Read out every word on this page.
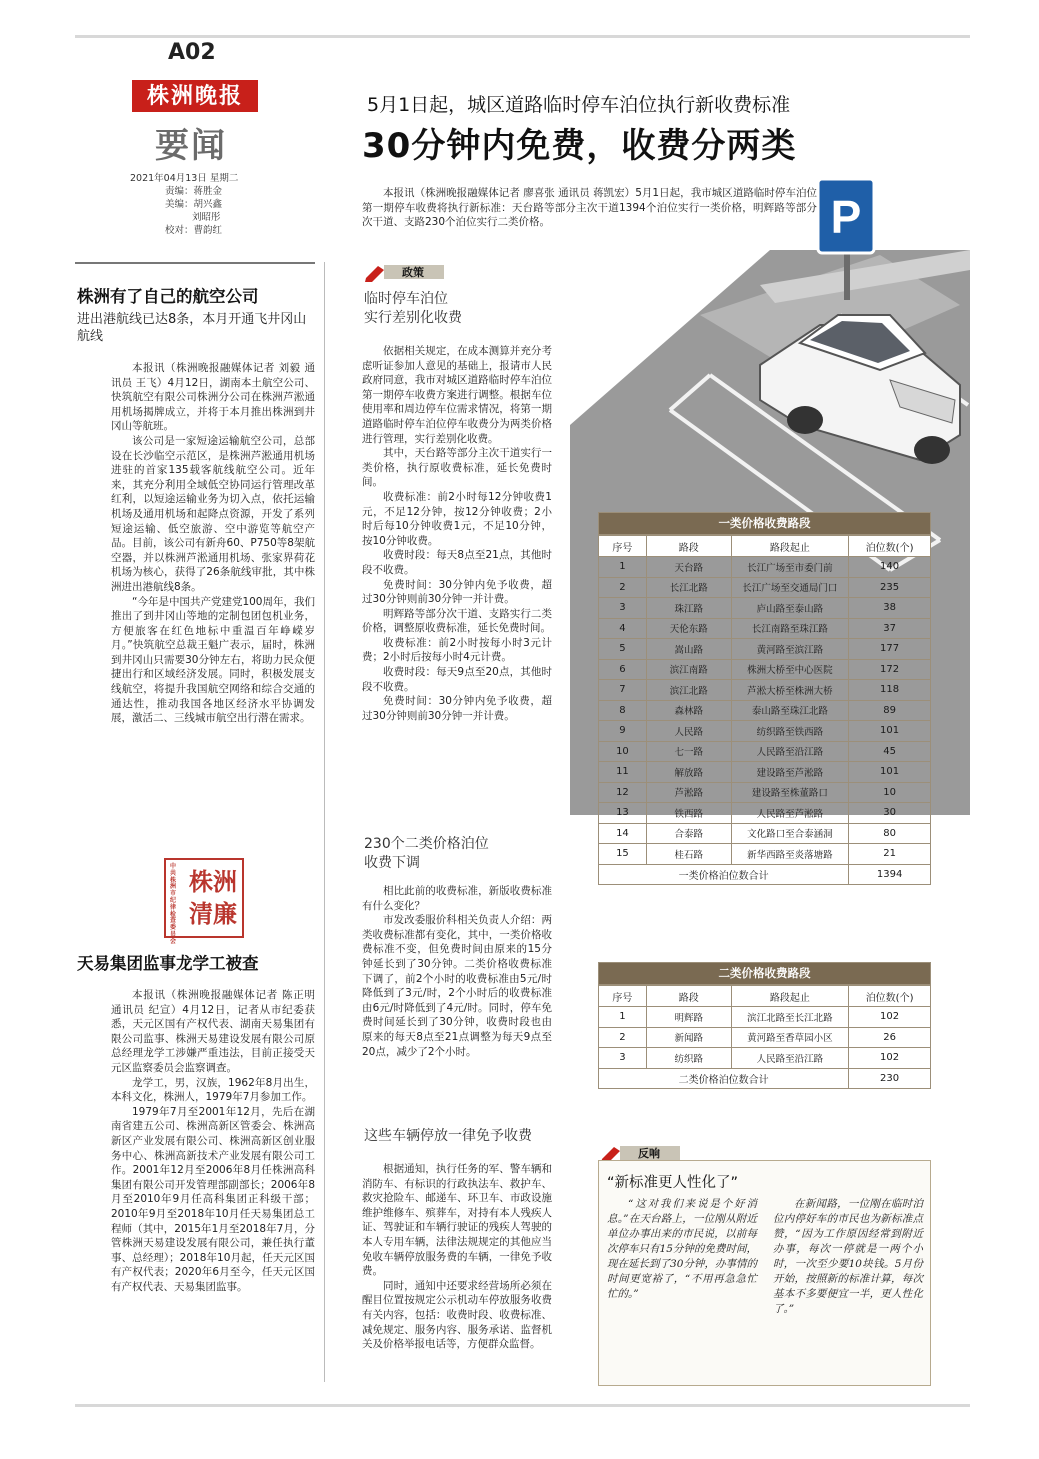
A02
株洲晚报
要闻
2021年04月13日 星期二
责编：蒋胜金
美编：胡兴鑫
刘昭彤
校对：曹韵红
株洲有了自己的航空公司
进出港航线已达8条，本月开通飞井冈山航线

本报讯（株洲晚报融媒体记者 刘毅 通讯员 王飞）4月12日，湖南本土航空公司、快筑航空有限公司株洲分公司在株洲芦淞通用机场揭牌成立，并将于本月推出株洲到井冈山等航班。

该公司是一家短途运输航空公司，总部设在长沙临空示范区，是株洲芦淞通用机场进驻的首家135载客航线航空公司。近年来，其充分利用全域低空协同运行管理改革红利，以短途运输业务为切入点，依托运输机场及通用机场和起降点资源，开发了系列短途运输、低空旅游、空中游览等航空产品。目前，该公司有新舟60、P750等8架航空器，并以株洲芦淞通用机场、张家界荷花机场为核心，获得了26条航线审批，其中株洲进出港航线8条。

“今年是中国共产党建党100周年，我们推出了到井冈山等地的定制包团包机业务，方便旅客在红色地标中重温百年峥嵘岁月。”快筑航空总裁王魁广表示，届时，株洲到井冈山只需要30分钟左右，将助力民众便捷出行和区域经济发展。同时，积极发展支线航空，将提升我国航空网络和综合交通的通达性，推动我国各地区经济水平协调发展，激活二、三线城市航空出行潜在需求。

中共株洲市纪律检查委员会
株洲清廉
天易集团监事龙学工被查

本报讯（株洲晚报融媒体记者 陈正明 通讯员 纪宣）4月12日，记者从市纪委获悉，天元区国有产权代表、湖南天易集团有限公司监事、株洲天易建设发展有限公司原总经理龙学工涉嫌严重违法，目前正接受天元区监察委员会监察调查。

龙学工，男，汉族，1962年8月出生，本科文化，株洲人，1979年7月参加工作。

1979年7月至2001年12月，先后在湖南省建五公司、株洲高新区管委会、株洲高新区产业发展有限公司、株洲高新区创业服务中心、株洲高新技术产业发展有限公司工作。2001年12月至2006年8月任株洲高科集团有限公司开发管理部副部长；2006年8月至2010年9月任高科集团正科级干部；2010年9月至2018年10月任天易集团总工程师（其中，2015年1月至2018年7月，分管株洲天易建设发展有限公司，兼任执行董事、总经理）；2018年10月起，任天元区国有产权代表；2020年6月至今，任天元区国有产权代表、天易集团监事。

5月1日起，城区道路临时停车泊位执行新收费标准
30分钟内免费，收费分两类

本报讯（株洲晚报融媒体记者 廖喜张 通讯员 蒋凯宏）5月1日起，我市城区道路临时停车泊位第一期停车收费将执行新标准：天台路等部分主次干道1394个泊位实行一类价格，明辉路等部分次干道、支路230个泊位实行二类价格。	P
政策
临时停车泊位
实行差别化收费

依据相关规定，在成本测算并充分考虑听证参加人意见的基础上，报请市人民政府同意，我市对城区道路临时停车泊位第一期停车收费方案进行调整。根据车位使用率和周边停车位需求情况，将第一期道路临时停车泊位停车收费分为两类价格进行管理，实行差别化收费。

其中，天台路等部分主次干道实行一类价格，执行原收费标准，延长免费时间。

收费标准：前2小时每12分钟收费1元，不足12分钟，按12分钟收费；2小时后每10分钟收费1元，不足10分钟，按10分钟收费。

收费时段：每天8点至21点，其他时段不收费。

免费时间：30分钟内免予收费，超过30分钟则前30分钟一并计费。

明辉路等部分次干道、支路实行二类价格，调整原收费标准，延长免费时间。

收费标准：前2小时按每小时3元计费；2小时后按每小时4元计费。

收费时段：每天9点至20点，其他时段不收费。

免费时间：30分钟内免予收费，超过30分钟则前30分钟一并计费。

230个二类价格泊位
收费下调

相比此前的收费标准，新版收费标准有什么变化？

市发改委服价科相关负责人介绍：两类收费标准都有变化，其中，一类价格收费标准不变，但免费时间由原来的15分钟延长到了30分钟。二类价格收费标准下调了，前2个小时的收费标准由5元/时降低到了3元/时，2个小时后的收费标准由6元/时降低到了4元/时。同时，停车免费时间延长到了30分钟，收费时段也由原来的每天8点至21点调整为每天9点至20点，减少了2个小时。

这些车辆停放一律免予收费

根据通知，执行任务的军、警车辆和消防车、有标识的行政执法车、救护车、救灾抢险车、邮递车、环卫车、市政设施维护维修车、殡葬车，对持有本人残疾人证、驾驶证和车辆行驶证的残疾人驾驶的本人专用车辆，法律法规规定的其他应当免收车辆停放服务费的车辆，一律免予收费。

同时，通知中还要求经营场所必须在醒目位置按规定公示机动车停放服务收费有关内容，包括：收费时段、收费标准、减免规定、服务内容、服务承诺、监督机关及价格举报电话等，方便群众监督。

一类价格收费路段
序号	路段	路段起止	泊位数(个)
1	天台路	长江广场至市委门前	140
2	长江北路	长江广场至交通局门口	235
3	珠江路	庐山路至泰山路	38
4	天伦东路	长江南路至珠江路	37
5	嵩山路	黄河路至滨江路	177
6	滨江南路	株洲大桥至中心医院	172
7	滨江北路	芦淞大桥至株洲大桥	118
8	森林路	泰山路至珠江北路	89
9	人民路	纺织路至铁西路	101
10	七一路	人民路至沿江路	45
11	解放路	建设路至芦淞路	101
12	芦淞路	建设路至株董路口	10
13	铁西路	人民路至芦淞路	30
14	合泰路	文化路口至合泰涵洞	80
15	桂石路	新华西路至炎落塘路	21
一类价格泊位数合计			1394
二类价格收费路段
序号	路段	路段起止	泊位数(个)
1	明辉路	滨江北路至长江北路	102
2	新闻路	黄河路至香草园小区	26
3	纺织路	人民路至沿江路	102
二类价格泊位数合计			230
反响
“新标准更人性化了”

“这对我们来说是个好消息。”在天台路上，一位刚从附近单位办事出来的市民说，以前每次停车只有15分钟的免费时间，现在延长到了30分钟，办事情的时间更宽裕了，“不用再急急忙忙的。”

在新闻路，一位刚在临时泊位内停好车的市民也为新标准点赞，“因为工作原因经常到附近办事，每次一停就是一两个小时，一次至少要10块钱。5月份开始，按照新的标准计算，每次基本不多要便宜一半，更人性化了。”
